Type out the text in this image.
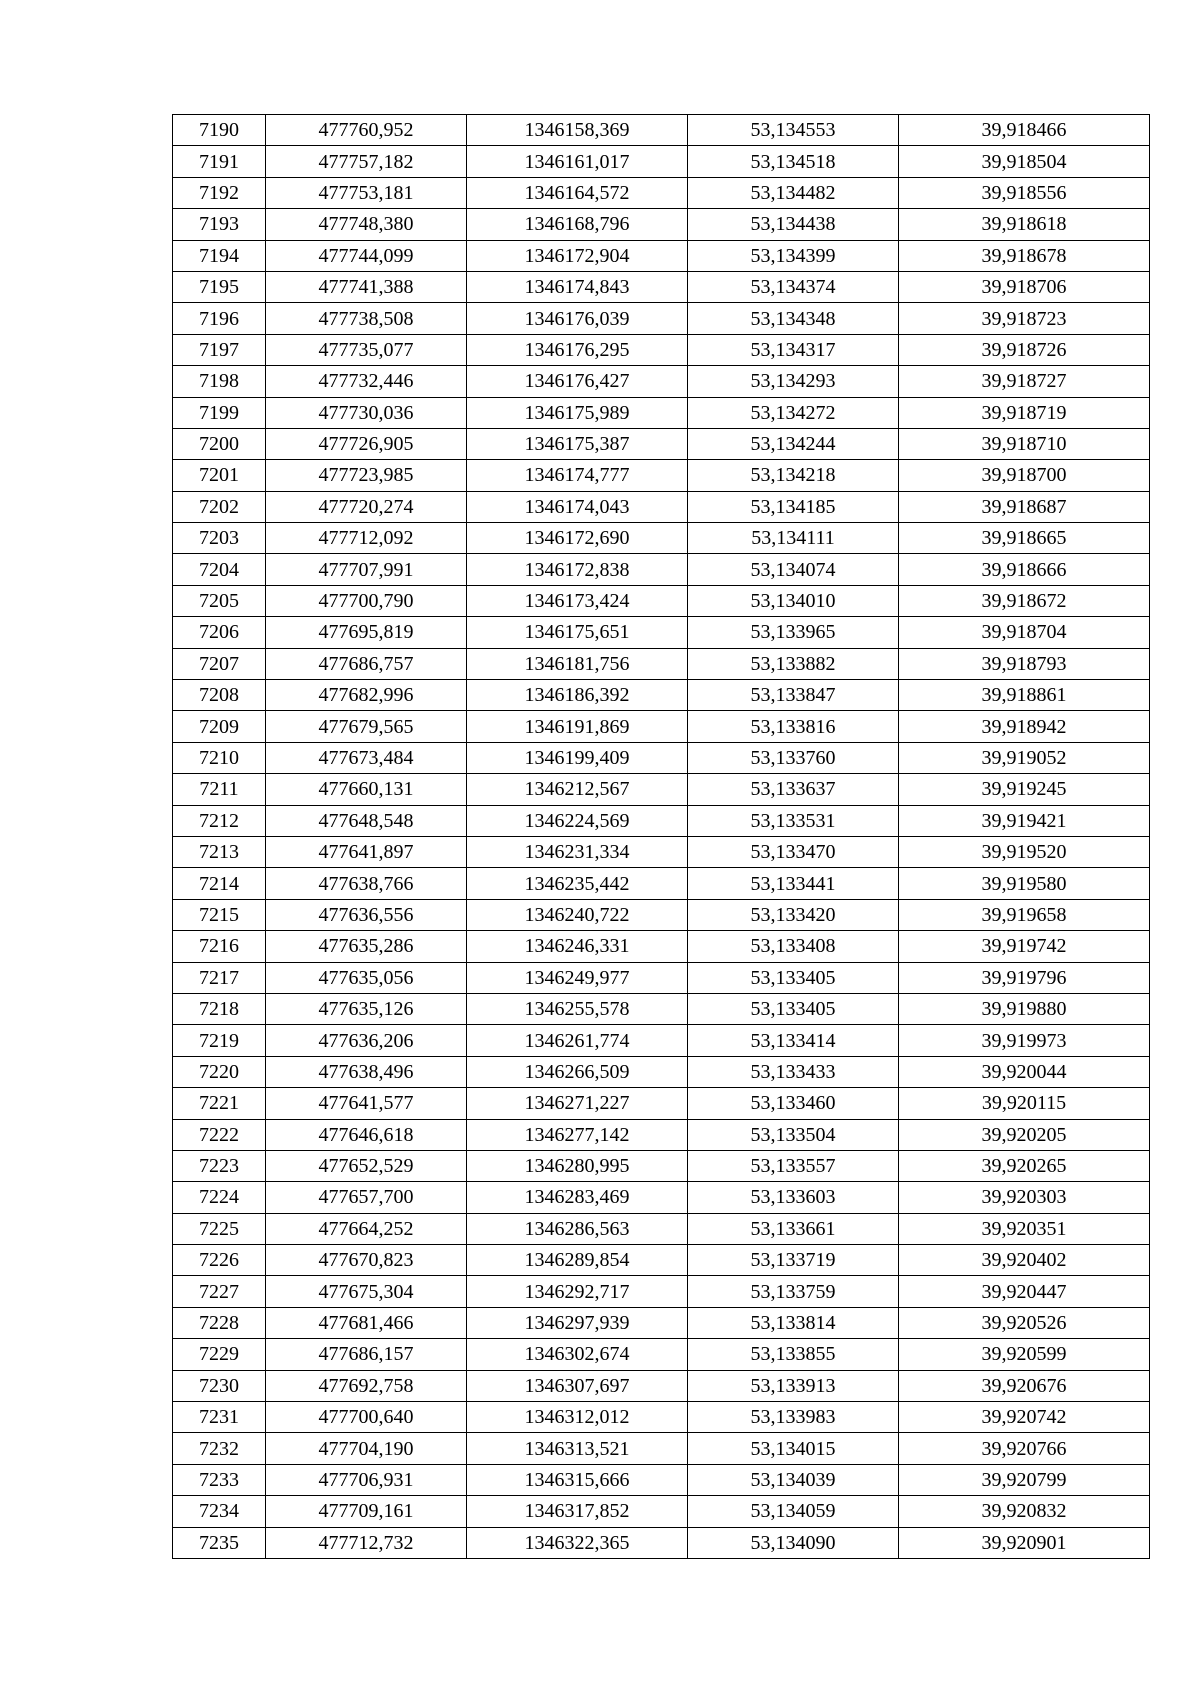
7190	477760,952	1346158,369	53,134553	39,918466
7191	477757,182	1346161,017	53,134518	39,918504
7192	477753,181	1346164,572	53,134482	39,918556
7193	477748,380	1346168,796	53,134438	39,918618
7194	477744,099	1346172,904	53,134399	39,918678
7195	477741,388	1346174,843	53,134374	39,918706
7196	477738,508	1346176,039	53,134348	39,918723
7197	477735,077	1346176,295	53,134317	39,918726
7198	477732,446	1346176,427	53,134293	39,918727
7199	477730,036	1346175,989	53,134272	39,918719
7200	477726,905	1346175,387	53,134244	39,918710
7201	477723,985	1346174,777	53,134218	39,918700
7202	477720,274	1346174,043	53,134185	39,918687
7203	477712,092	1346172,690	53,134111	39,918665
7204	477707,991	1346172,838	53,134074	39,918666
7205	477700,790	1346173,424	53,134010	39,918672
7206	477695,819	1346175,651	53,133965	39,918704
7207	477686,757	1346181,756	53,133882	39,918793
7208	477682,996	1346186,392	53,133847	39,918861
7209	477679,565	1346191,869	53,133816	39,918942
7210	477673,484	1346199,409	53,133760	39,919052
7211	477660,131	1346212,567	53,133637	39,919245
7212	477648,548	1346224,569	53,133531	39,919421
7213	477641,897	1346231,334	53,133470	39,919520
7214	477638,766	1346235,442	53,133441	39,919580
7215	477636,556	1346240,722	53,133420	39,919658
7216	477635,286	1346246,331	53,133408	39,919742
7217	477635,056	1346249,977	53,133405	39,919796
7218	477635,126	1346255,578	53,133405	39,919880
7219	477636,206	1346261,774	53,133414	39,919973
7220	477638,496	1346266,509	53,133433	39,920044
7221	477641,577	1346271,227	53,133460	39,920115
7222	477646,618	1346277,142	53,133504	39,920205
7223	477652,529	1346280,995	53,133557	39,920265
7224	477657,700	1346283,469	53,133603	39,920303
7225	477664,252	1346286,563	53,133661	39,920351
7226	477670,823	1346289,854	53,133719	39,920402
7227	477675,304	1346292,717	53,133759	39,920447
7228	477681,466	1346297,939	53,133814	39,920526
7229	477686,157	1346302,674	53,133855	39,920599
7230	477692,758	1346307,697	53,133913	39,920676
7231	477700,640	1346312,012	53,133983	39,920742
7232	477704,190	1346313,521	53,134015	39,920766
7233	477706,931	1346315,666	53,134039	39,920799
7234	477709,161	1346317,852	53,134059	39,920832
7235	477712,732	1346322,365	53,134090	39,920901
